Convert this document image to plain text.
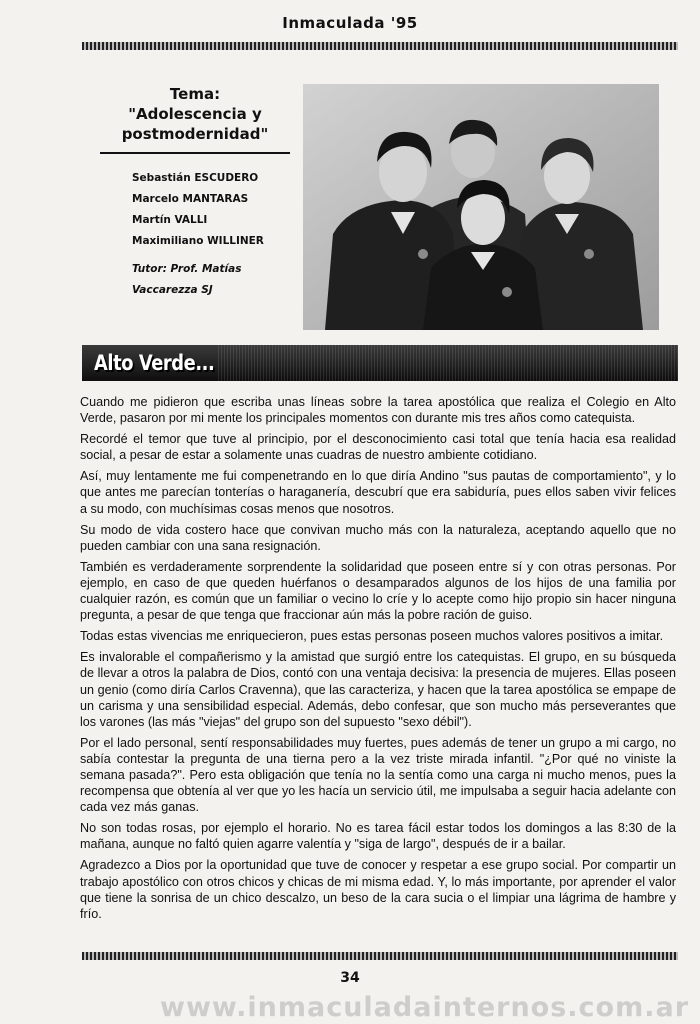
Inmaculada '95
Tema:
"Adolescencia y
postmodernidad"
Sebastián ESCUDERO
Marcelo MANTARAS
Martín VALLI
Maximiliano WILLINER
Tutor: Prof. Matías Vaccarezza SJ
Alto Verde...

Cuando me pidieron que escriba unas líneas sobre la tarea apostólica que realiza el Colegio en Alto Verde, pasaron por mi mente los principales momentos con durante mis tres años como catequista.

Recordé el temor que tuve al principio, por el desconocimiento casi total que tenía hacia esa realidad social, a pesar de estar a solamente unas cuadras de nuestro ambiente cotidiano.

Así, muy lentamente me fui compenetrando en lo que diría Andino "sus pautas de comportamiento", y lo que antes me parecían tonterías o haraganería, descubrí que era sabiduría, pues ellos saben vivir felices a su modo, con muchísimas cosas menos que nosotros.

Su modo de vida costero hace que convivan mucho más con la naturaleza, aceptando aquello que no pueden cambiar con una sana resignación.

También es verdaderamente sorprendente la solidaridad que poseen entre sí y con otras personas. Por ejemplo, en caso de que queden huérfanos o desamparados algunos de los hijos de una familia por cualquier razón, es común que un familiar o vecino lo críe y lo acepte como hijo propio sin hacer ninguna pregunta, a pesar de que tenga que fraccionar aún más la pobre ración de guiso.

Todas estas vivencias me enriquecieron, pues estas personas poseen muchos valores positivos a imitar.

Es invalorable el compañerismo y la amistad que surgió entre los catequistas. El grupo, en su búsqueda de llevar a otros la palabra de Dios, contó con una ventaja decisiva: la presencia de mujeres. Ellas poseen un genio (como diría Carlos Cravenna), que las caracteriza, y hacen que la tarea apostólica se empape de un carisma y una sensibilidad especial. Además, debo confesar, que son mucho más perseverantes que los varones (las más "viejas" del grupo son del supuesto "sexo débil").

Por el lado personal, sentí responsabilidades muy fuertes, pues además de tener un grupo a mi cargo, no sabía contestar la pregunta de una tierna pero a la vez triste mirada infantil. "¿Por qué no viniste la semana pasada?". Pero esta obligación que tenía no la sentía como una carga ni mucho menos, pues la recompensa que obtenía al ver que yo les hacía un servicio útil, me impulsaba a seguir hacia adelante con cada vez más ganas.

No son todas rosas, por ejemplo el horario. No es tarea fácil estar todos los domingos a las 8:30 de la mañana, aunque no faltó quien agarre valentía y "siga de largo", después de ir a bailar.

Agradezco a Dios por la oportunidad que tuve de conocer y respetar a ese grupo social. Por compartir un trabajo apostólico con otros chicos y chicas de mi misma edad. Y, lo más importante, por aprender el valor que tiene la sonrisa de un chico descalzo, un beso de la cara sucia o el limpiar una lágrima de hambre y frío.

34
www.inmaculadainternos.com.ar
